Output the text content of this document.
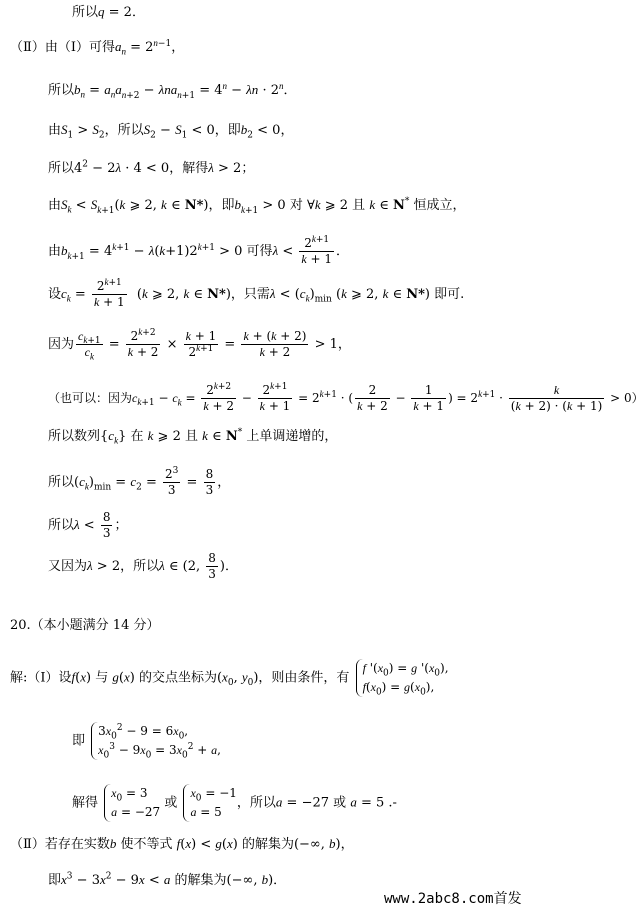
所以q = 2．
（Ⅱ）由（Ⅰ）可得$a_n = 2^{n-1}$，
所以$b_n = a_na_{n+2} - \lambda na_{n+1} = 4^n - \lambda n \cdot 2^n$．
由$S_1 > S_2$，所以$S_2 - S_1 < 0$，即$b_2 < 0$，
所以$4^2 - 2\lambda \cdot 4 < 0$，解得λ > 2；
由$S_k < S_{k+1}(k$ ⩾ 2, k ∈ N*)，即$b_{k+1} > 0$ 对 ∀k ⩾ 2 且 k ∈ N* 恒成立，
由$b_{k+1} = 4^{k+1} - \lambda(k+1)2^{k+1} > 0$ 可得$\lambda < \frac{2^{k+1}}{k + 1}$ ．
设$c_k = \frac{2^{k+1}}{k + 1} (k$ ⩾ 2, k ∈ N*)，只需$\lambda < (c_k)_{min}$ (k ⩾ 2, k ∈ N*) 即可.
因为 $\frac{c_{k+1}}{c_k} = \frac{2^{k+2}}{k + 2} \times \frac{k + 1}{2^{k+1}} = \frac{k + (k + 2)}{k + 2} > 1$，
（也可以：因为$c_{k+1} - c_k = \frac{2^{k+2}}{k + 2} - \frac{2^{k+1}}{k + 1} = 2^{k+1}$ · ( $\frac{2}{k + 2} - \frac{1}{k + 1}$ ) = $2^{k+1} \cdot \frac{k}{(k + 2) \cdot (k + 1)} > 0$）
所以数列$\{c_k\}$ 在 k ⩾ 2 且 k ∈ N* 上单调递增的，
所以$(c_k)_{min} = c_2 = \frac{2^3}{3} = \frac{8}{3}$ ，
所以$\lambda < \frac{8}{3}$ ；
又因为λ > 2，所以λ ∈ (2, $\frac{8}{3}$ )．
20.（本小题满分 14 分）
解:（Ⅰ）设f(x) 与 g(x) 的交点坐标为($x_0$, $y_0$)，则由条件，有
f '$(x_0) = g$ '$(x_0)$,
$f(x_0) = g(x_0)$,
即
$3x_0^2 - 9 = 6x_0$,
$x_0^3 - 9x_0 = 3x_0^2 + a$,
解得
$x_0 = 3$
a = −27
或
$x_0 = -1$
a = 5
，所以a = −27 或 a = 5 .-
（Ⅱ）若存在实数b 使不等式 f(x) < g(x) 的解集为(−∞, b)，
即$x^3 - 3x^2 - 9x < a$ 的解集为(−∞, b)．
www.2abc8.com首发
